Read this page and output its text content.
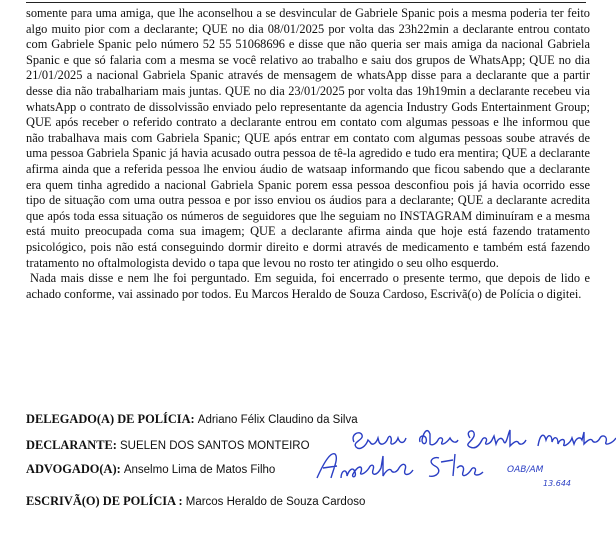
somente para uma amiga, que lhe aconselhou a se desvincular de Gabriele Spanic pois a mesma poderia ter feito algo muito pior com a declarante; QUE no dia 08/01/2025 por volta das 23h22min a declarante entrou contato com Gabriele Spanic pelo número 52 55 51068696 e disse que não queria ser mais amiga da nacional Gabriela Spanic e que só falaria com a mesma se você relativo ao trabalho e saiu dos grupos de WhatsApp; QUE no dia 21/01/2025 a nacional Gabriela Spanic através de mensagem de whatsApp disse para a declarante que a partir desse dia não trabalhariam mais juntas. QUE no dia 23/01/2025 por volta das 19h19min a declarante recebeu via whatsApp o contrato de dissolvissão enviado pelo representante da agencia Industry Gods Entertainment Group; QUE após receber o referido contrato a declarante entrou em contato com algumas pessoas e lhe informou que não trabalhava mais com Gabriela Spanic; QUE após entrar em contato com algumas pessoas soube através de uma pessoa Gabriela Spanic já havia acusado outra pessoa de tê-la agredido e tudo era mentira; QUE a declarante afirma ainda que a referida pessoa lhe enviou áudio de watsaap informando que ficou sabendo que a declarante era quem tinha agredido a nacional Gabriela Spanic porem essa pessoa desconfiou pois já havia ocorrido esse tipo de situação com uma outra pessoa e por isso enviou os áudios para a declarante; QUE a declarante acredita que após toda essa situação os números de seguidores que lhe seguiam no INSTAGRAM diminuíram e a mesma está muito preocupada coma sua imagem; QUE a declarante afirma ainda que hoje está fazendo tratamento psicológico, pois não está conseguindo dormir direito e dormi através de medicamento e também está fazendo tratamento no oftalmologista devido o tapa que levou no rosto ter atingido o seu olho esquerdo.

Nada mais disse e nem lhe foi perguntado. Em seguida, foi encerrado o presente termo, que depois de lido e achado conforme, vai assinado por todos. Eu Marcos Heraldo de Souza Cardoso, Escrivã(o) de Polícia o digitei.

DELEGADO(A) DE POLÍCIA: Adriano Félix Claudino da Silva
DECLARANTE: SUELEN DOS SANTOS MONTEIRO
ADVOGADO(A): Anselmo Lima de Matos Filho
ESCRIVÃ(O) DE POLÍCIA : Marcos Heraldo de Souza Cardoso
OAB/AM
13.644
